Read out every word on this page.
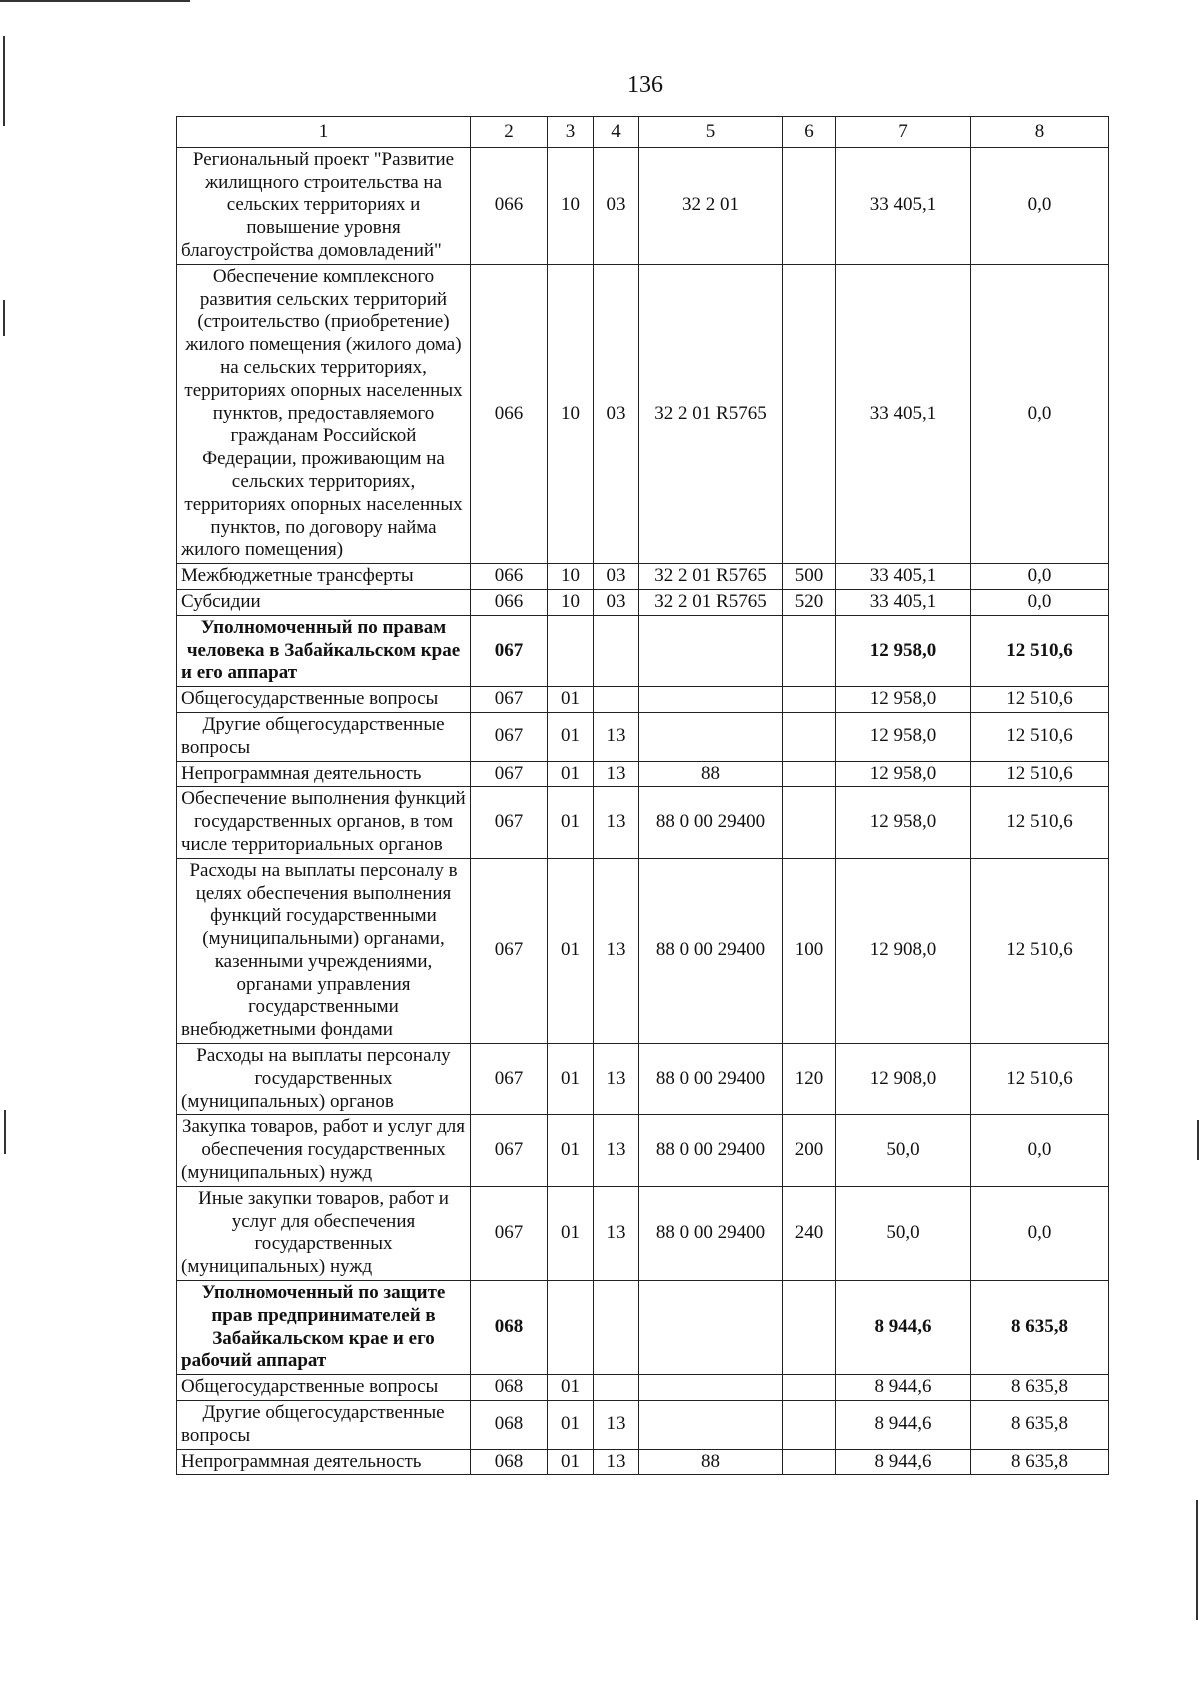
136
1	2	3	4	5	6	7	8
Региональный проект "Развитие жилищного строительства на сельских территориях и повышение уровня благоустройства домовладений"	066	10	03	32 2 01		33 405,1	0,0
Обеспечение комплексного развития сельских территорий (строительство (приобретение) жилого помещения (жилого дома) на сельских территориях, территориях опорных населенных пунктов, предоставляемого гражданам Российской Федерации, проживающим на сельских территориях, территориях опорных населенных пунктов, по договору найма жилого помещения)	066	10	03	32 2 01 R5765		33 405,1	0,0
Межбюджетные трансферты	066	10	03	32 2 01 R5765	500	33 405,1	0,0
Субсидии	066	10	03	32 2 01 R5765	520	33 405,1	0,0
Уполномоченный по правам человека в Забайкальском крае и его аппарат	067					12 958,0	12 510,6
Общегосударственные вопросы	067	01				12 958,0	12 510,6
Другие общегосударственные вопросы	067	01	13			12 958,0	12 510,6
Непрограммная деятельность	067	01	13	88		12 958,0	12 510,6
Обеспечение выполнения функций государственных органов, в том числе территориальных органов	067	01	13	88 0 00 29400		12 958,0	12 510,6
Расходы на выплаты персоналу в целях обеспечения выполнения функций государственными (муниципальными) органами, казенными учреждениями, органами управления государственными внебюджетными фондами	067	01	13	88 0 00 29400	100	12 908,0	12 510,6
Расходы на выплаты персоналу государственных (муниципальных) органов	067	01	13	88 0 00 29400	120	12 908,0	12 510,6
Закупка товаров, работ и услуг для обеспечения государственных (муниципальных) нужд	067	01	13	88 0 00 29400	200	50,0	0,0
Иные закупки товаров, работ и услуг для обеспечения государственных (муниципальных) нужд	067	01	13	88 0 00 29400	240	50,0	0,0
Уполномоченный по защите прав предпринимателей в Забайкальском крае и его рабочий аппарат	068					8 944,6	8 635,8
Общегосударственные вопросы	068	01				8 944,6	8 635,8
Другие общегосударственные вопросы	068	01	13			8 944,6	8 635,8
Непрограммная деятельность	068	01	13	88		8 944,6	8 635,8
